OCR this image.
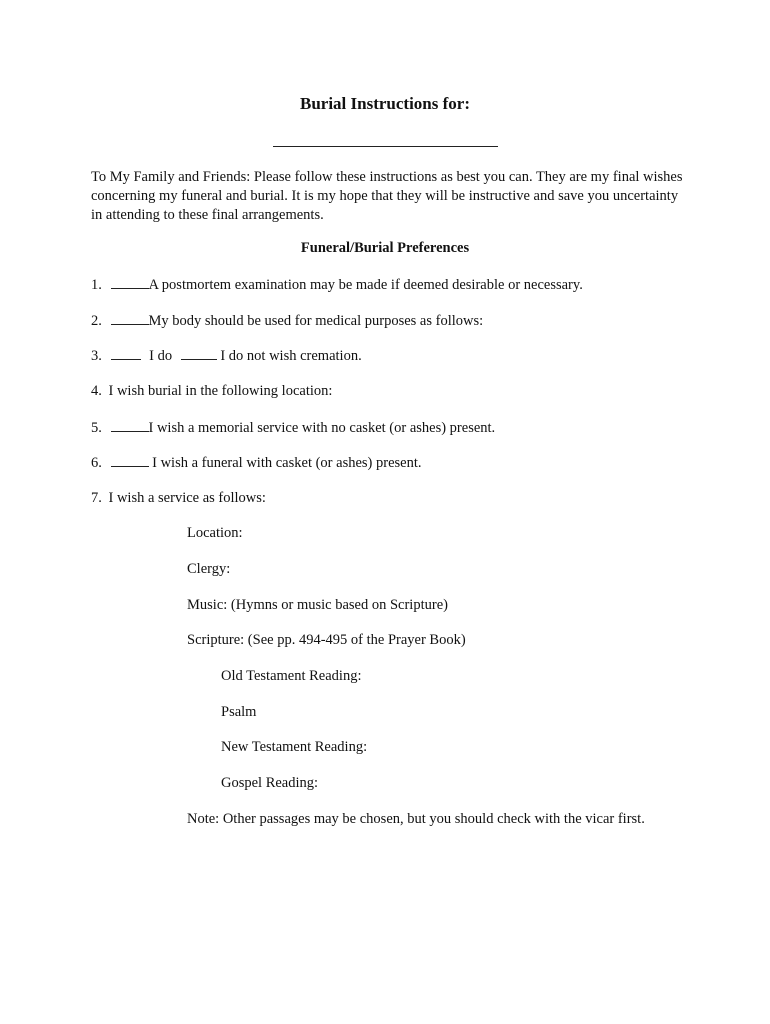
Burial Instructions for:
To My Family and Friends: Please follow these instructions as best you can. They are my final wishes concerning my funeral and burial. It is my hope that they will be instructive and save you uncertainty in attending to these final arrangements.
Funeral/Burial Preferences
1.	A postmortem examination may be made if deemed desirable or necessary.
2.	My body should be used for medical purposes as follows:
3.	I do	I do not wish cremation.
4. I wish burial in the following location:
5.	I wish a memorial service with no casket (or ashes) present.
6.	I wish a funeral with casket (or ashes) present.
7. I wish a service as follows:
Location:
Clergy:
Music: (Hymns or music based on Scripture)
Scripture: (See pp. 494-495 of the Prayer Book)
Old Testament Reading:
Psalm
New Testament Reading:
Gospel Reading:
Note: Other passages may be chosen, but you should check with the vicar first.
